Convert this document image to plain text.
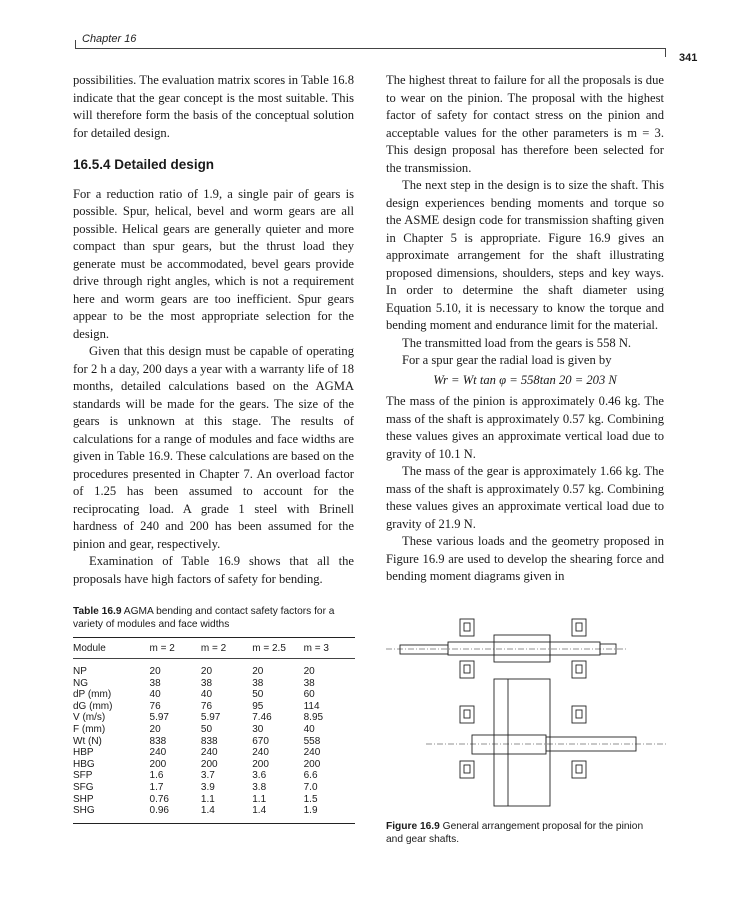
Chapter 16
341

possibilities. The evaluation matrix scores in Table 16.8 indicate that the gear concept is the most suitable. This will therefore form the basis of the conceptual solution for detailed design.

16.5.4 Detailed design

For a reduction ratio of 1.9, a single pair of gears is possible. Spur, helical, bevel and worm gears are all possible. Helical gears are generally quieter and more compact than spur gears, but the thrust load they generate must be accommodated, bevel gears provide drive through right angles, which is not a requirement here and worm gears are too inefficient. Spur gears appear to be the most appropriate selection for the design.

Given that this design must be capable of operating for 2 h a day, 200 days a year with a warranty life of 18 months, detailed calculations based on the AGMA standards will be made for the gears. The size of the gears is unknown at this stage. The results of calculations for a range of modules and face widths are given in Table 16.9. These calculations are based on the procedures presented in Chapter 7. An overload factor of 1.25 has been assumed to account for the reciprocating load. A grade 1 steel with Brinell hardness of 240 and 200 has been assumed for the pinion and gear, respectively.

Examination of Table 16.9 shows that all the proposals have high factors of safety for bending.

The highest threat to failure for all the proposals is due to wear on the pinion. The proposal with the highest factor of safety for contact stress on the pinion and acceptable values for the other parameters is m = 3. This design proposal has therefore been selected for the transmission.

The next step in the design is to size the shaft. This design experiences bending moments and torque so the ASME design code for transmission shafting given in Chapter 5 is appropriate. Figure 16.9 gives an approximate arrangement for the shaft illustrating proposed dimensions, shoulders, steps and key ways. In order to determine the shaft diameter using Equation 5.10, it is necessary to know the torque and bending moment and endurance limit for the material.

The transmitted load from the gears is 558 N.

For a spur gear the radial load is given by

Wr = Wt tan φ = 558tan 20 = 203 N

The mass of the pinion is approximately 0.46 kg. The mass of the shaft is approximately 0.57 kg. Combining these values gives an approximate vertical load due to gravity of 10.1 N.

The mass of the gear is approximately 1.66 kg. The mass of the shaft is approximately 0.57 kg. Combining these values gives an approximate vertical load due to gravity of 21.9 N.

These various loads and the geometry proposed in Figure 16.9 are used to develop the shearing force and bending moment diagrams given in

Table 16.9 AGMA bending and contact safety factors for a variety of modules and face widths
Module	m = 2	m = 2	m = 2.5	m = 3
NP	20	20	20	20
NG	38	38	38	38
dP (mm)	40	40	50	60
dG (mm)	76	76	95	114
V (m/s)	5.97	5.97	7.46	8.95
F (mm)	20	50	30	40
Wt (N)	838	838	670	558
HBP	240	240	240	240
HBG	200	200	200	200
SFP	1.6	3.7	3.6	6.6
SFG	1.7	3.9	3.8	7.0
SHP	0.76	1.1	1.1	1.5
SHG	0.96	1.4	1.4	1.9
Figure 16.9 General arrangement proposal for the pinion and gear shafts.
